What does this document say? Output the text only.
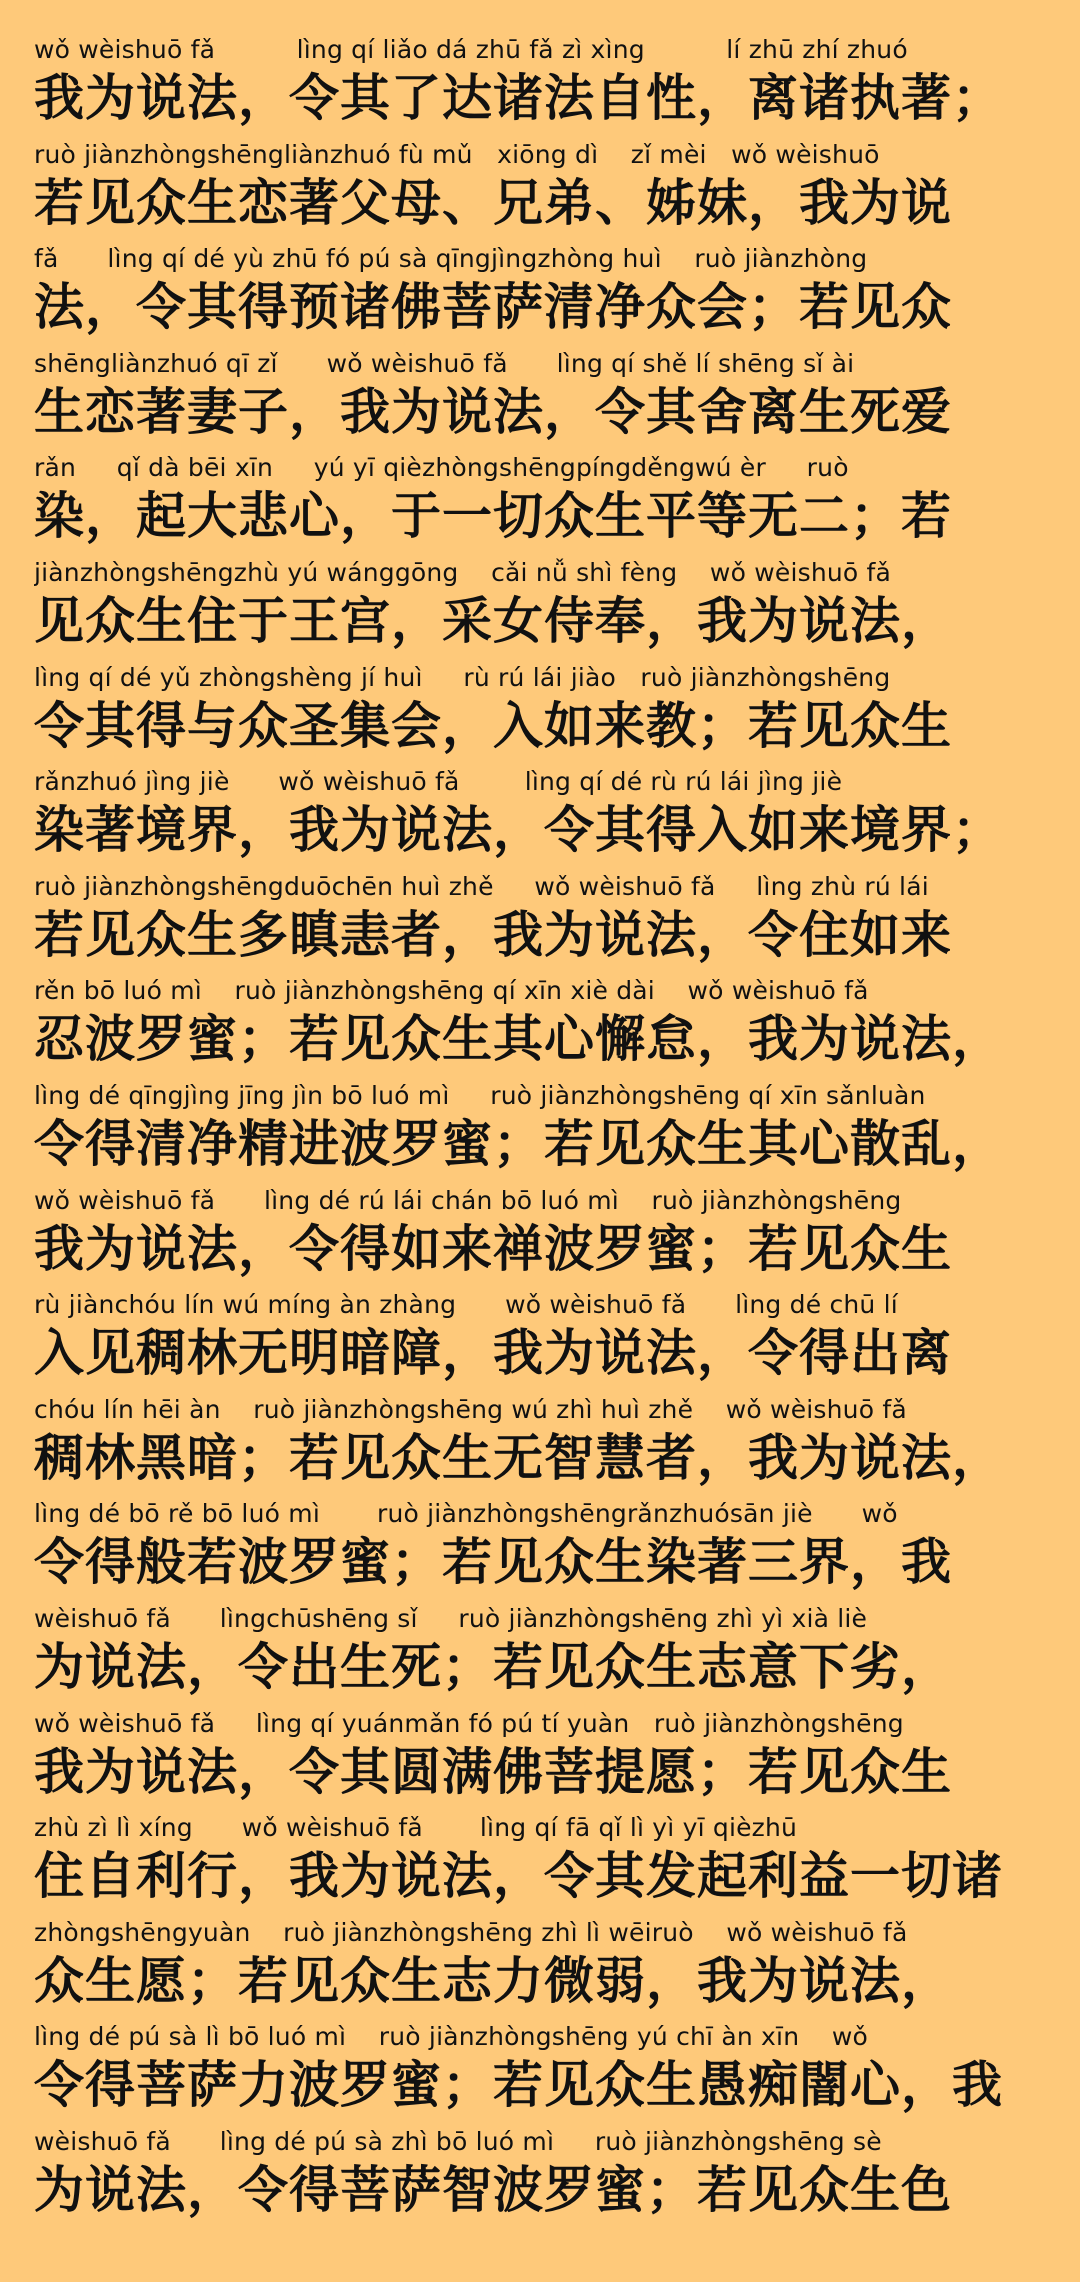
wǒ wèishuō fǎ          lìng qí liǎo dá zhū fǎ zì xìng          lí zhū zhí zhuó
我为说法，令其了达诸法自性，离诸执著；
ruò jiànzhòngshēngliànzhuó fù mǔ   xiōng dì    zǐ mèi   wǒ wèishuō
若见众生恋著父母、兄弟、姊妹，我为说
fǎ      lìng qí dé yù zhū fó pú sà qīngjìngzhòng huì    ruò jiànzhòng
法，令其得预诸佛菩萨清净众会；若见众
shēngliànzhuó qī zǐ      wǒ wèishuō fǎ      lìng qí shě lí shēng sǐ ài
生恋著妻子，我为说法，令其舍离生死爱
rǎn     qǐ dà bēi xīn     yú yī qièzhòngshēngpíngděngwú èr     ruò
染，起大悲心，于一切众生平等无二；若
jiànzhòngshēngzhù yú wánggōng    cǎi nǚ shì fèng    wǒ wèishuō fǎ
见众生住于王宫，采女侍奉，我为说法，
lìng qí dé yǔ zhòngshèng jí huì     rù rú lái jiào   ruò jiànzhòngshēng
令其得与众圣集会，入如来教；若见众生
rǎnzhuó jìng jiè      wǒ wèishuō fǎ        lìng qí dé rù rú lái jìng jiè
染著境界，我为说法，令其得入如来境界；
ruò jiànzhòngshēngduōchēn huì zhě     wǒ wèishuō fǎ     lìng zhù rú lái
若见众生多瞋恚者，我为说法，令住如来
rěn bō luó mì    ruò jiànzhòngshēng qí xīn xiè dài    wǒ wèishuō fǎ
忍波罗蜜；若见众生其心懈怠，我为说法，
lìng dé qīngjìng jīng jìn bō luó mì     ruò jiànzhòngshēng qí xīn sǎnluàn
令得清净精进波罗蜜；若见众生其心散乱，
wǒ wèishuō fǎ      lìng dé rú lái chán bō luó mì    ruò jiànzhòngshēng
我为说法，令得如来禅波罗蜜；若见众生
rù jiànchóu lín wú míng àn zhàng      wǒ wèishuō fǎ      lìng dé chū lí
入见稠林无明暗障，我为说法，令得出离
chóu lín hēi àn    ruò jiànzhòngshēng wú zhì huì zhě    wǒ wèishuō fǎ
稠林黑暗；若见众生无智慧者，我为说法，
lìng dé bō rě bō luó mì       ruò jiànzhòngshēngrǎnzhuósān jiè      wǒ
令得般若波罗蜜；若见众生染著三界，我
wèishuō fǎ      lìngchūshēng sǐ     ruò jiànzhòngshēng zhì yì xià liè
为说法，令出生死；若见众生志意下劣，
wǒ wèishuō fǎ     lìng qí yuánmǎn fó pú tí yuàn   ruò jiànzhòngshēng
我为说法，令其圆满佛菩提愿；若见众生
zhù zì lì xíng      wǒ wèishuō fǎ       lìng qí fā qǐ lì yì yī qièzhū
住自利行，我为说法，令其发起利益一切诸
zhòngshēngyuàn    ruò jiànzhòngshēng zhì lì wēiruò    wǒ wèishuō fǎ
众生愿；若见众生志力微弱，我为说法，
lìng dé pú sà lì bō luó mì    ruò jiànzhòngshēng yú chī àn xīn    wǒ
令得菩萨力波罗蜜；若见众生愚痴闇心，我
wèishuō fǎ      lìng dé pú sà zhì bō luó mì     ruò jiànzhòngshēng sè
为说法，令得菩萨智波罗蜜；若见众生色
